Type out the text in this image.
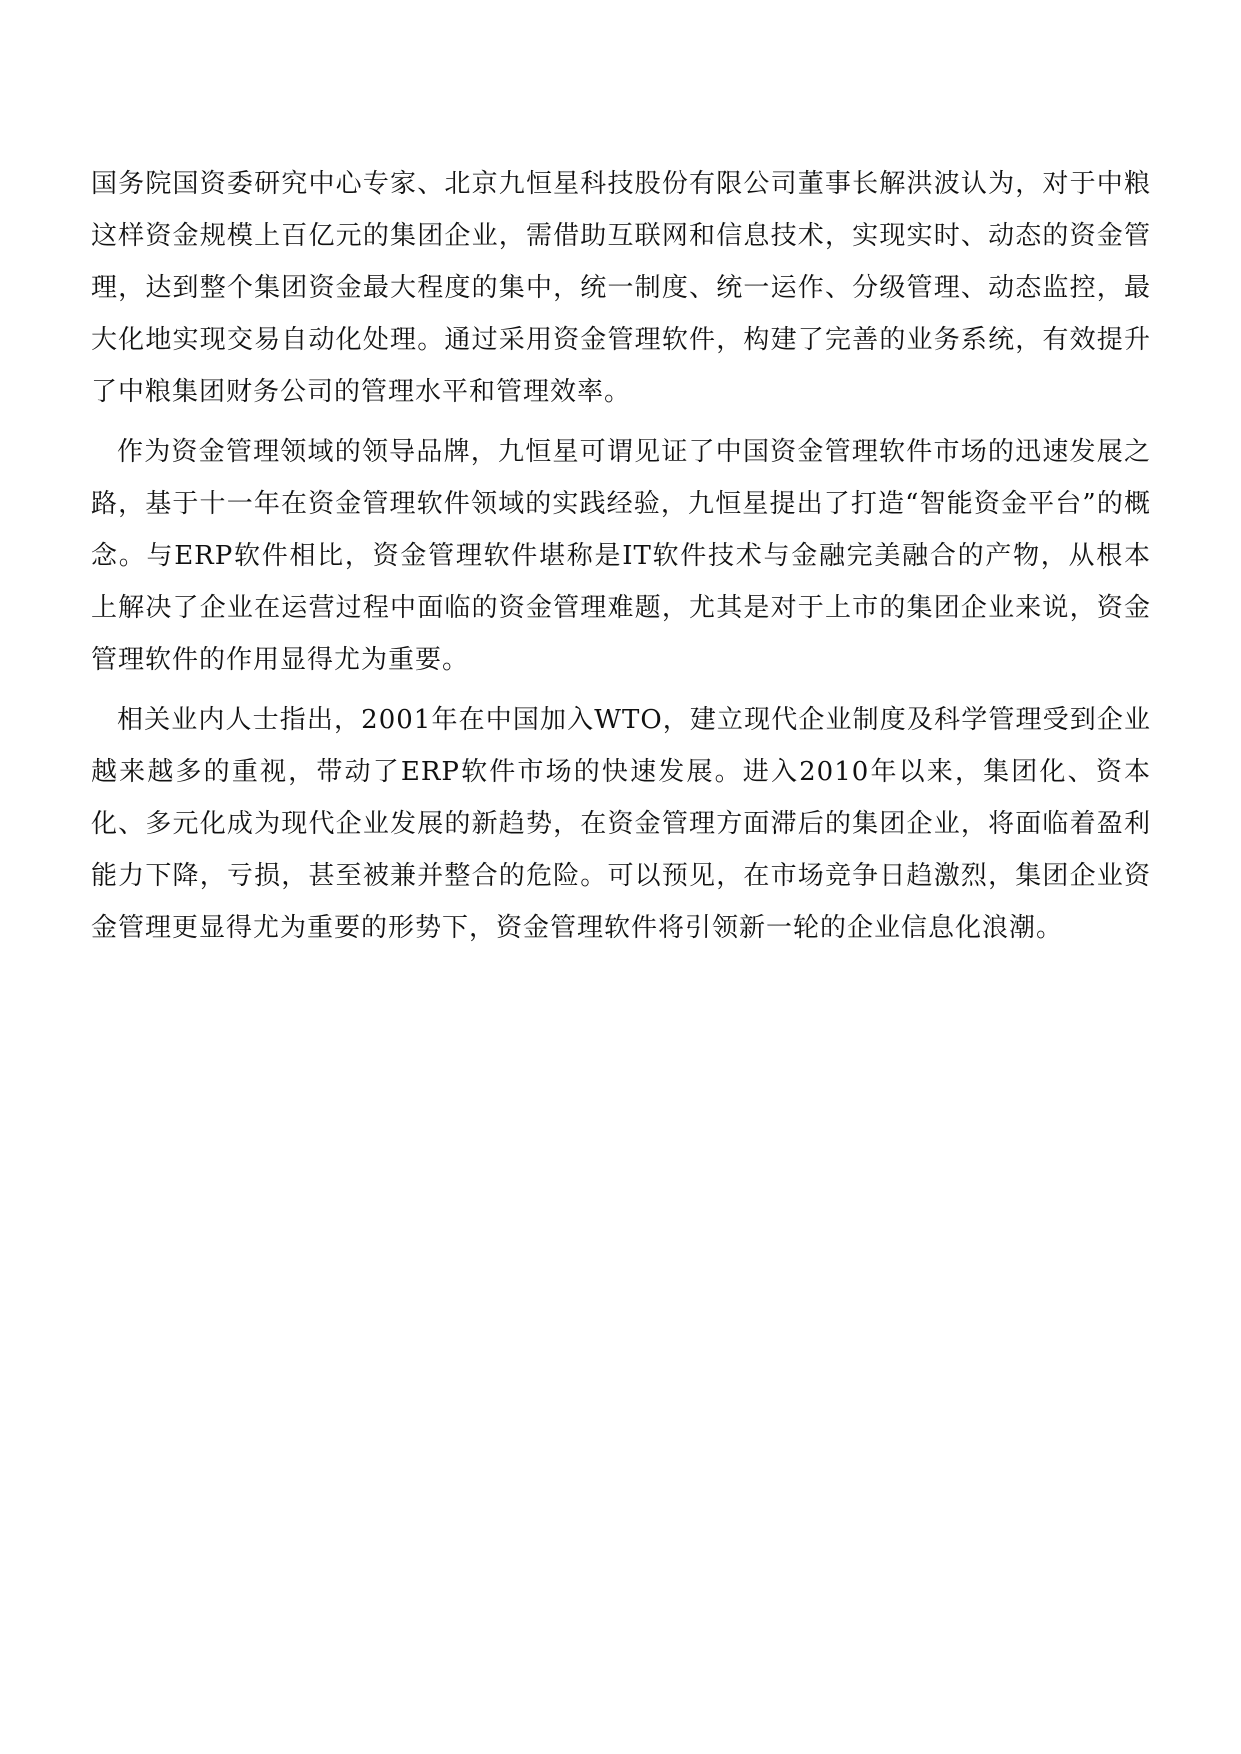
国务院国资委研究中心专家、北京九恒星科技股份有限公司董事长解洪波认为，对于中粮这样资金规模上百亿元的集团企业，需借助互联网和信息技术，实现实时、动态的资金管理，达到整个集团资金最大程度的集中，统一制度、统一运作、分级管理、动态监控，最大化地实现交易自动化处理。通过采用资金管理软件，构建了完善的业务系统，有效提升了中粮集团财务公司的管理水平和管理效率。

作为资金管理领域的领导品牌，九恒星可谓见证了中国资金管理软件市场的迅速发展之路，基于十一年在资金管理软件领域的实践经验，九恒星提出了打造“智能资金平台”的概念。与ERP软件相比，资金管理软件堪称是IT软件技术与金融完美融合的产物，从根本上解决了企业在运营过程中面临的资金管理难题，尤其是对于上市的集团企业来说，资金管理软件的作用显得尤为重要。

相关业内人士指出，2001年在中国加入WTO，建立现代企业制度及科学管理受到企业越来越多的重视，带动了ERP软件市场的快速发展。进入2010年以来，集团化、资本化、多元化成为现代企业发展的新趋势，在资金管理方面滞后的集团企业，将面临着盈利能力下降，亏损，甚至被兼并整合的危险。可以预见，在市场竞争日趋激烈，集团企业资金管理更显得尤为重要的形势下，资金管理软件将引领新一轮的企业信息化浪潮。
